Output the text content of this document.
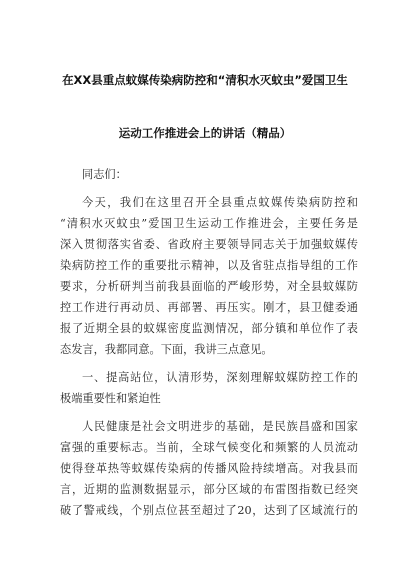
在XX县重点蚊媒传染病防控和“清积水灭蚊虫”爱国卫生
运动工作推进会上的讲话（精品）
同志们：
今天，我们在这里召开全县重点蚊媒传染病防控和
“清积水灭蚊虫”爱国卫生运动工作推进会，主要任务是
深入贯彻落实省委、省政府主要领导同志关于加强蚊媒传
染病防控工作的重要批示精神，以及省驻点指导组的工作
要求，分析研判当前我县面临的严峻形势，对全县蚊媒防
控工作进行再动员、再部署、再压实。刚才，县卫健委通
报了近期全县的蚊媒密度监测情况，部分镇和单位作了表
态发言，我都同意。下面，我讲三点意见。
一、提高站位，认清形势，深刻理解蚊媒防控工作的
极端重要性和紧迫性
人民健康是社会文明进步的基础，是民族昌盛和国家
富强的重要标志。当前，全球气候变化和频繁的人员流动
使得登革热等蚊媒传染病的传播风险持续增高。对我县而
言，近期的监测数据显示，部分区域的布雷图指数已经突
破了警戒线，个别点位甚至超过了20，达到了区域流行的
